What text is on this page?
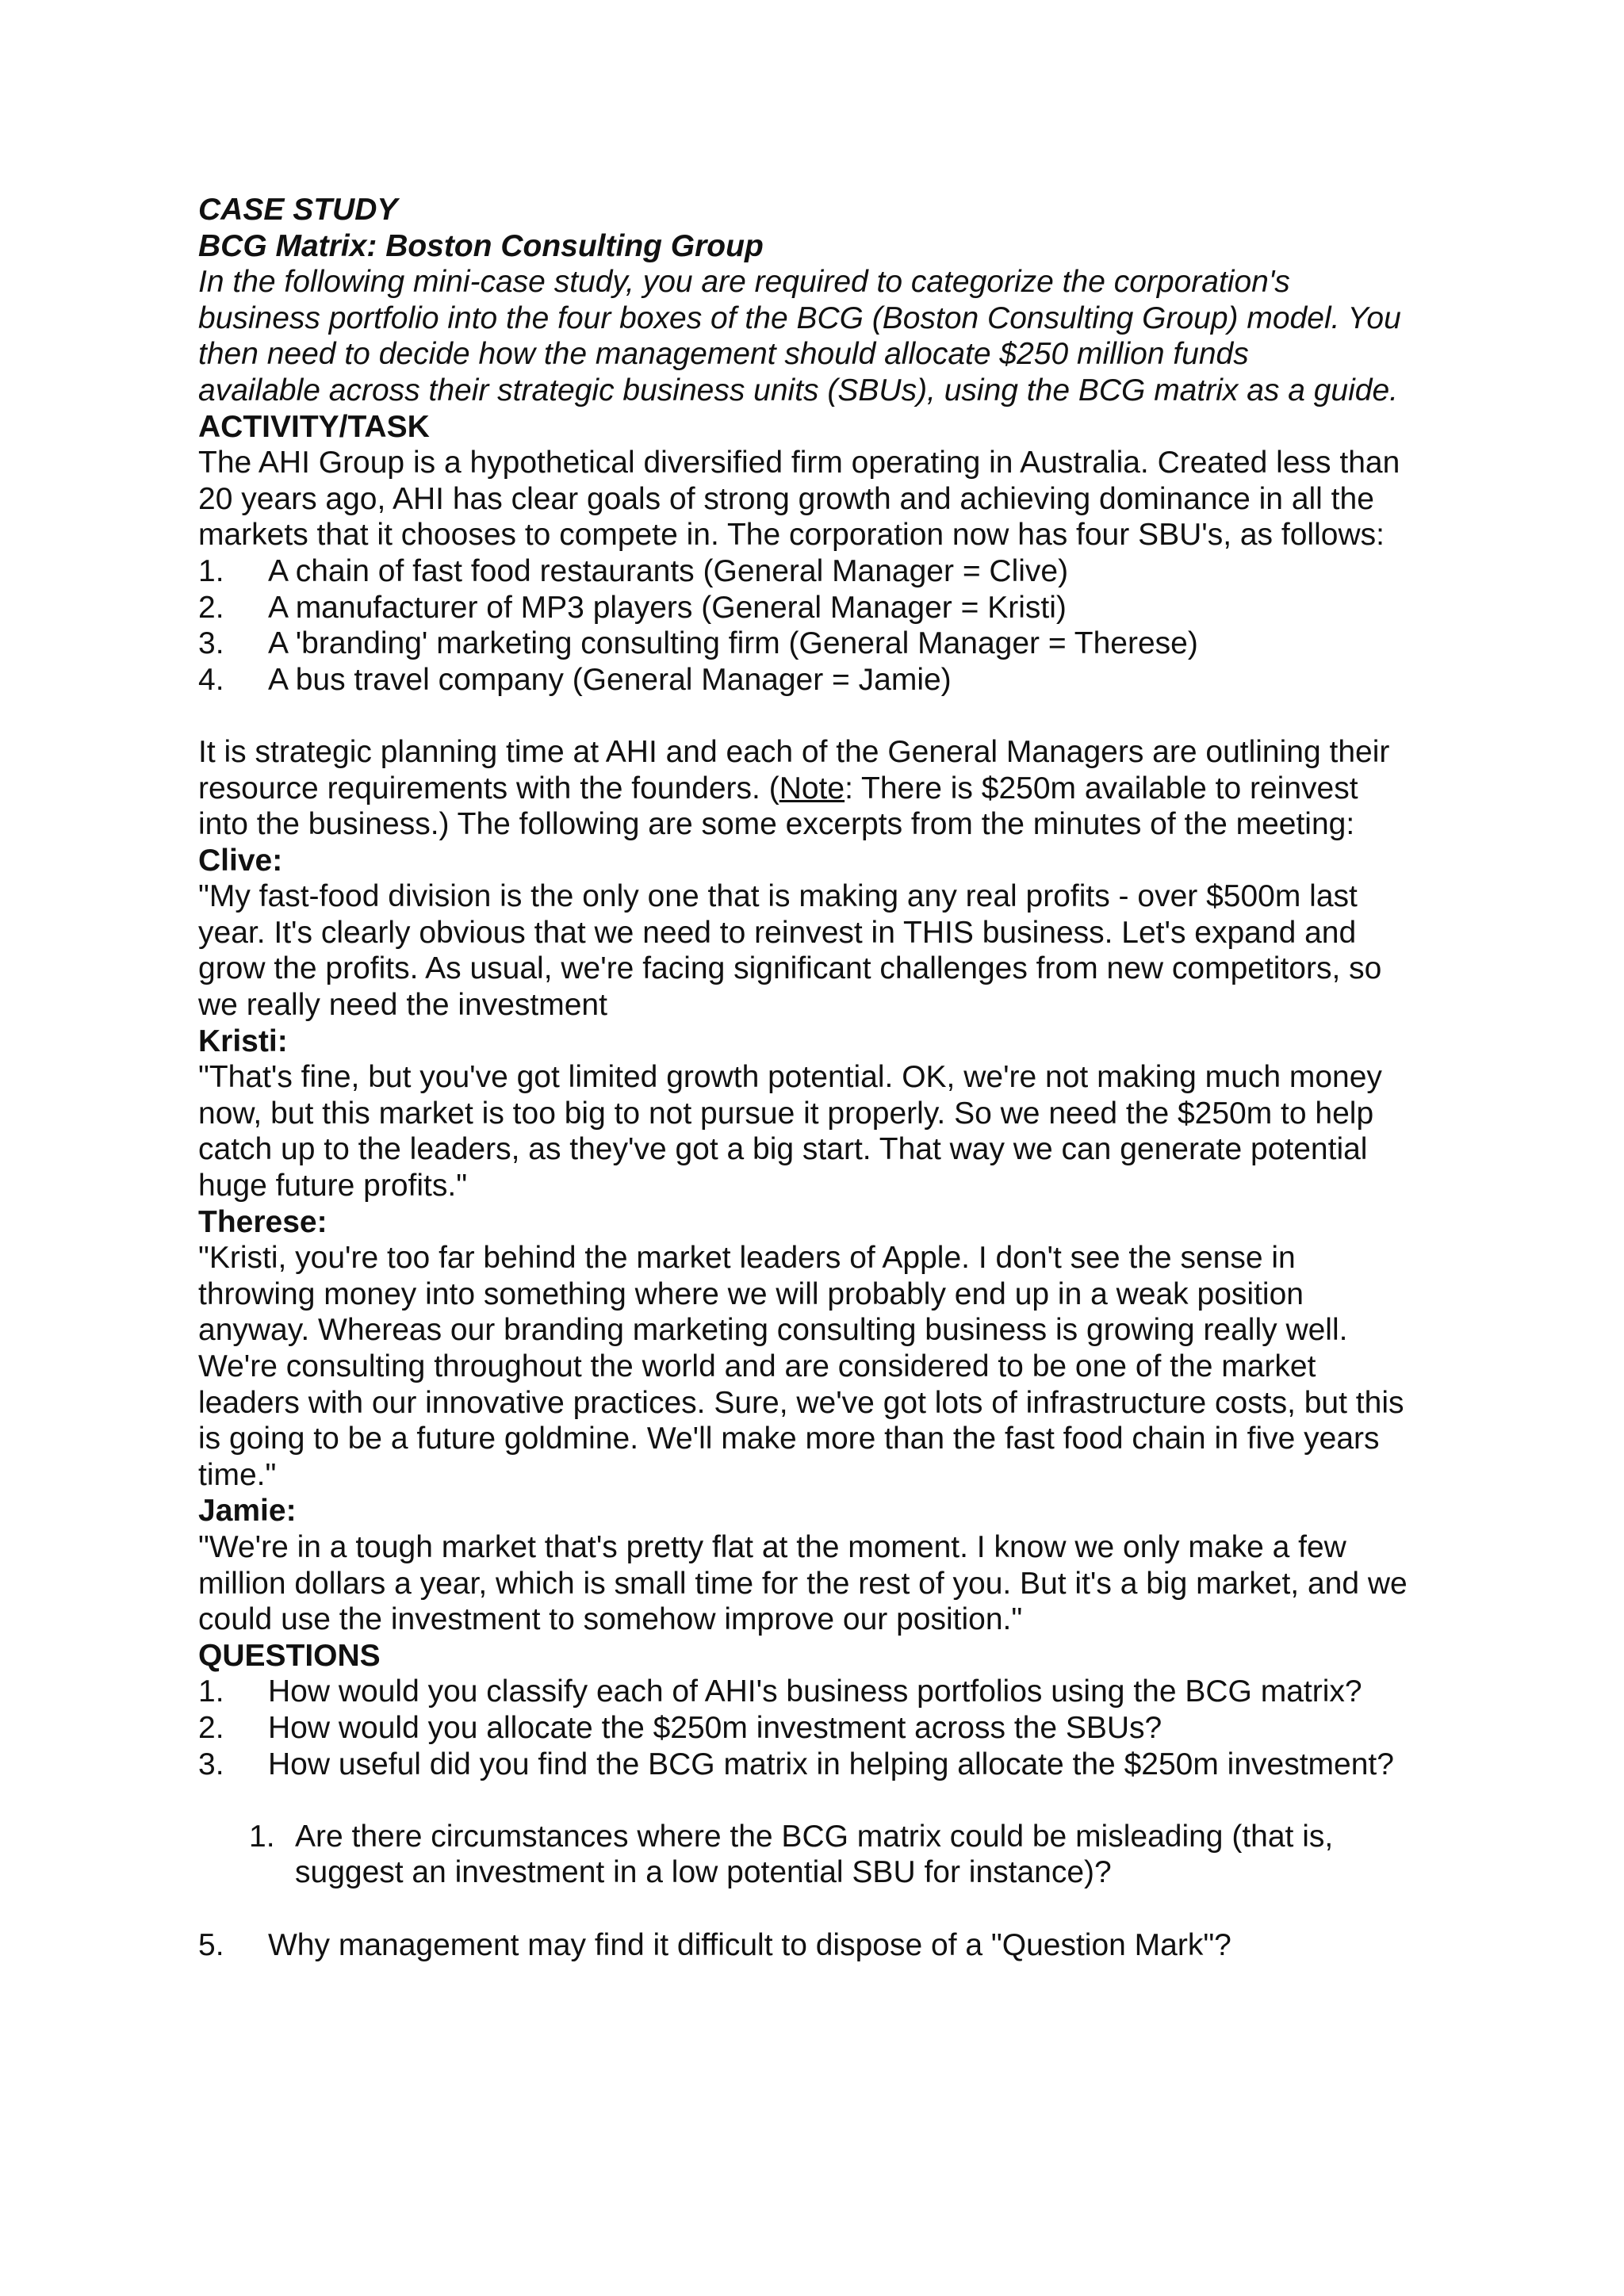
CASE STUDY
BCG Matrix: Boston Consulting Group
In the following mini-case study, you are required to categorize the corporation's
business portfolio into the four boxes of the BCG (Boston Consulting Group) model. You
then need to decide how the management should allocate $250 million funds
available across their strategic business units (SBUs), using the BCG matrix as a guide.
ACTIVITY/TASK
The AHI Group is a hypothetical diversified firm operating in Australia. Created less than
20 years ago, AHI has clear goals of strong growth and achieving dominance in all the
markets that it chooses to compete in. The corporation now has four SBU's, as follows:
1. A chain of fast food restaurants (General Manager = Clive)
2. A manufacturer of MP3 players (General Manager = Kristi)
3. A 'branding' marketing consulting firm (General Manager = Therese)
4. A bus travel company (General Manager = Jamie)
It is strategic planning time at AHI and each of the General Managers are outlining their
resource requirements with the founders. (Note: There is $250m available to reinvest
into the business.) The following are some excerpts from the minutes of the meeting:
Clive:
"My fast-food division is the only one that is making any real profits - over $500m last
year. It's clearly obvious that we need to reinvest in THIS business. Let's expand and
grow the profits. As usual, we're facing significant challenges from new competitors, so
we really need the investment
Kristi:
"That's fine, but you've got limited growth potential. OK, we're not making much money
now, but this market is too big to not pursue it properly. So we need the $250m to help
catch up to the leaders, as they've got a big start. That way we can generate potential
huge future profits."
Therese:
"Kristi, you're too far behind the market leaders of Apple. I don't see the sense in
throwing money into something where we will probably end up in a weak position
anyway. Whereas our branding marketing consulting business is growing really well.
We're consulting throughout the world and are considered to be one of the market
leaders with our innovative practices. Sure, we've got lots of infrastructure costs, but this
is going to be a future goldmine. We'll make more than the fast food chain in five years
time."
Jamie:
"We're in a tough market that's pretty flat at the moment. I know we only make a few
million dollars a year, which is small time for the rest of you. But it's a big market, and we
could use the investment to somehow improve our position."
QUESTIONS
1. How would you classify each of AHI's business portfolios using the BCG matrix?
2. How would you allocate the $250m investment across the SBUs?
3. How useful did you find the BCG matrix in helping allocate the $250m investment?
1. Are there circumstances where the BCG matrix could be misleading (that is,
suggest an investment in a low potential SBU for instance)?
5. Why management may find it difficult to dispose of a "Question Mark"?
